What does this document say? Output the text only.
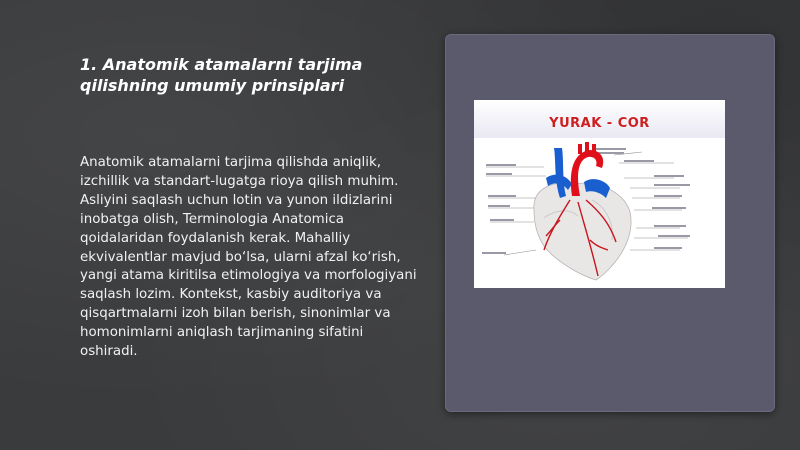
1. Anatomik atamalarni tarjima qilishning umumiy prinsiplari
Anatomik atamalarni tarjima qilishda aniqlik, izchillik va standart-lugatga rioya qilish muhim. Asliyini saqlash uchun lotin va yunon ildizlarini inobatga olish, Terminologia Anatomica qoidalaridan foydalanish kerak. Mahalliy ekvivalentlar mavjud bo‘lsa, ularni afzal ko‘rish, yangi atama kiritilsa etimologiya va morfologiyani saqlash lozim. Kontekst, kasbiy auditoriya va qisqartmalarni izoh bilan berish, sinonimlar va homonimlarni aniqlash tarjimaning sifatini oshiradi.
YURAK - COR
